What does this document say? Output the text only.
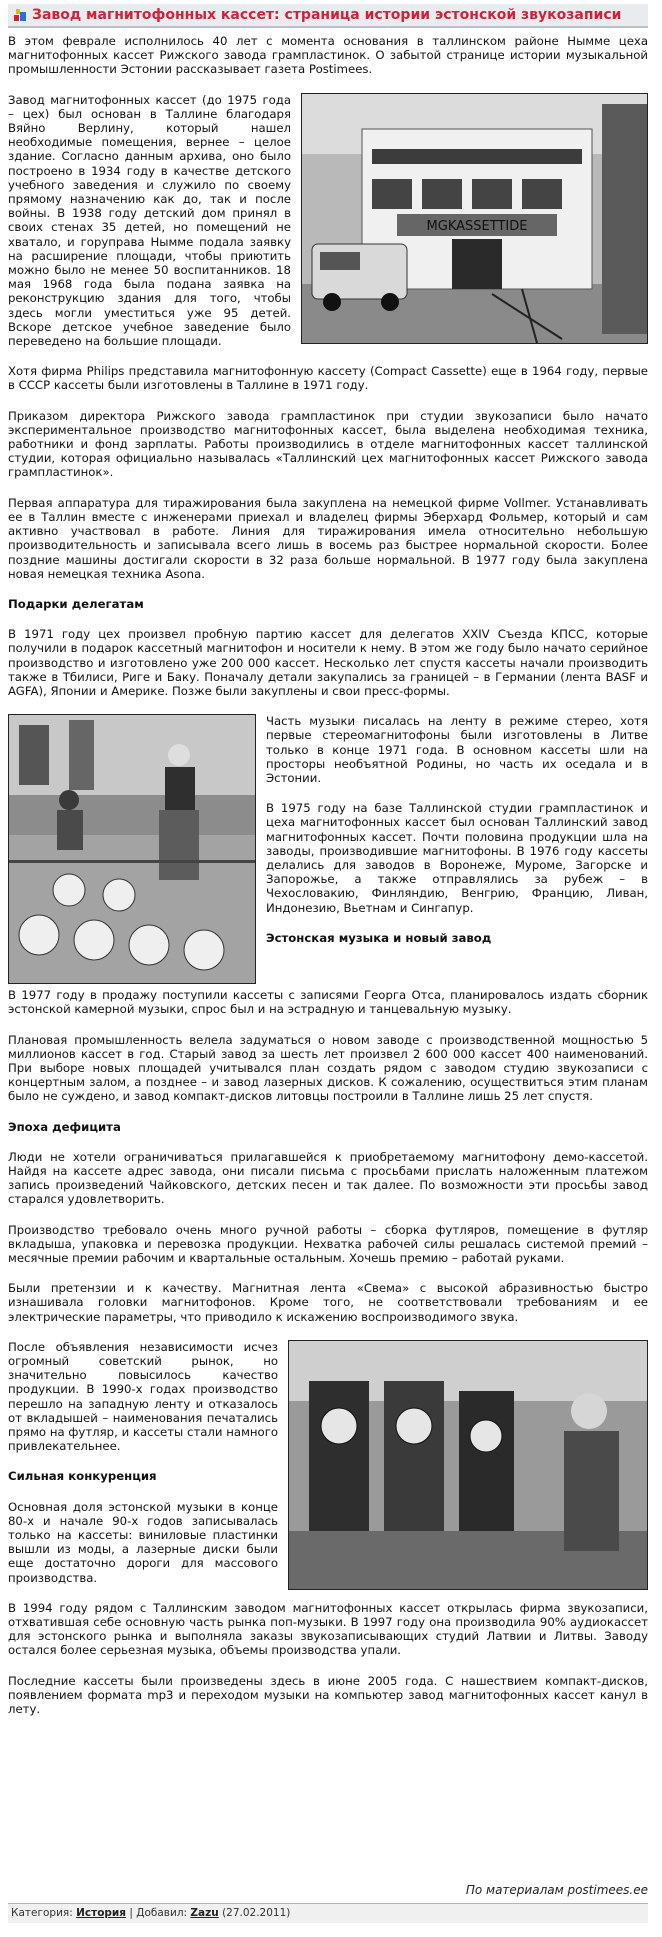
Завод магнитофонных кассет: страница истории эстонской звукозаписи

В этом феврале исполнилось 40 лет с момента основания в таллинском районе Нымме цеха магнитофонных кассет Рижского завода грампластинок. О забытой странице истории музыкальной промышленности Эстонии рассказывает газета Postimees.

MGKASSETTIDE

Завод магнитофонных кассет (до 1975 года – цех) был основан в Таллине благодаря Вяйно Верлину, который нашел необходимые помещения, вернее – целое здание. Согласно данным архива, оно было построено в 1934 году в качестве детского учебного заведения и служило по своему прямому назначению как до, так и после войны. В 1938 году детский дом принял в своих стенах 35 детей, но помещений не хватало, и горуправа Нымме подала заявку на расширение площади, чтобы приютить можно было не менее 50 воспитанников. 18 мая 1968 года была подана заявка на реконструкцию здания для того, чтобы здесь могли уместиться уже 95 детей. Вскоре детское учебное заведение было переведено на большие площади.

Хотя фирма Philips представила магнитофонную кассету (Compact Cassette) еще в 1964 году, первые в СССР кассеты были изготовлены в Таллине в 1971 году.

Приказом директора Рижского завода грампластинок при студии звукозаписи было начато экспериментальное производство магнитофонных кассет, была выделена необходимая техника, работники и фонд зарплаты. Работы производились в отделе магнитофонных кассет таллинской студии, которая официально называлась «Таллинский цех магнитофонных кассет Рижского завода грампластинок».

Первая аппаратура для тиражирования была закуплена на немецкой фирме Vollmer. Устанавливать ее в Таллин вместе с инженерами приехал и владелец фирмы Эберхард Фольмер, который и сам активно участвовал в работе. Линия для тиражирования имела относительно небольшую производительность и записывала всего лишь в восемь раз быстрее нормальной скорости. Более поздние машины достигали скорости в 32 раза больше нормальной. В 1977 году была закуплена новая немецкая техника Asona.

Подарки делегатам

В 1971 году цех произвел пробную партию кассет для делегатов XXIV Съезда КПСС, которые получили в подарок кассетный магнитофон и носители к нему. В этом же году было начато серийное производство и изготовлено уже 200 000 кассет. Несколько лет спустя кассеты начали производить также в Тбилиси, Риге и Баку. Поначалу детали закупались за границей – в Германии (лента BASF и AGFA), Японии и Америке. Позже были закуплены и свои пресс-формы.

Часть музыки писалась на ленту в режиме стерео, хотя первые стереомагнитофоны были изготовлены в Литве только в конце 1971 года. В основном кассеты шли на просторы необъятной Родины, но часть их оседала и в Эстонии.

В 1975 году на базе Таллинской студии грампластинок и цеха магнитофонных кассет был основан Таллинский завод магнитофонных кассет. Почти половина продукции шла на заводы, производившие магнитофоны. В 1976 году кассеты делались для заводов в Воронеже, Муроме, Загорске и Запорожье, а также отправлялись за рубеж – в Чехословакию, Финляндию, Венгрию, Францию, Ливан, Индонезию, Вьетнам и Сингапур.

Эстонская музыка и новый завод

В 1977 году в продажу поступили кассеты с записями Георга Отса, планировалось издать сборник эстонской камерной музыки, спрос был и на эстрадную и танцевальную музыку.

Плановая промышленность велела задуматься о новом заводе с производственной мощностью 5 миллионов кассет в год. Старый завод за шесть лет произвел 2 600 000 кассет 400 наименований. При выборе новых площадей учитывался план создать рядом с заводом студию звукозаписи с концертным залом, а позднее – и завод лазерных дисков. К сожалению, осуществиться этим планам было не суждено, и завод компакт-дисков литовцы построили в Таллине лишь 25 лет спустя.

Эпоха дефицита

Люди не хотели ограничиваться прилагавшейся к приобретаемому магнитофону демо-кассетой. Найдя на кассете адрес завода, они писали письма с просьбами прислать наложенным платежом запись произведений Чайковского, детских песен и так далее. По возможности эти просьбы завод старался удовлетворить.

Производство требовало очень много ручной работы – сборка футляров, помещение в футляр вкладыша, упаковка и перевозка продукции. Нехватка рабочей силы решалась системой премий – месячные премии рабочим и квартальные остальным. Хочешь премию – работай руками.

Были претензии и к качеству. Магнитная лента «Свема» с высокой абразивностью быстро изнашивала головки магнитофонов. Кроме того, не соответствовали требованиям и ее электрические параметры, что приводило к искажению воспроизводимого звука.

После объявления независимости исчез огромный советский рынок, но значительно повысилось качество продукции. В 1990-х годах производство перешло на западную ленту и отказалось от вкладышей – наименования печатались прямо на футляр, и кассеты стали намного привлекательнее.

Сильная конкуренция

Основная доля эстонской музыки в конце 80-х и начале 90-х годов записывалась только на кассеты: виниловые пластинки вышли из моды, а лазерные диски были еще достаточно дороги для массового производства.

В 1994 году рядом с Таллинским заводом магнитофонных кассет открылась фирма звукозаписи, отхватившая себе основную часть рынка поп-музыки. В 1997 году она производила 90% аудиокассет для эстонского рынка и выполняла заказы звукозаписывающих студий Латвии и Литвы. Заводу остался более серьезная музыка, объемы производства упали.

Последние кассеты были произведены здесь в июне 2005 года. С нашествием компакт-дисков, появлением формата mp3 и переходом музыки на компьютер завод магнитофонных кассет канул в лету.

По материалам postimees.ee
Категория: История | Добавил: Zazu (27.02.2011)
